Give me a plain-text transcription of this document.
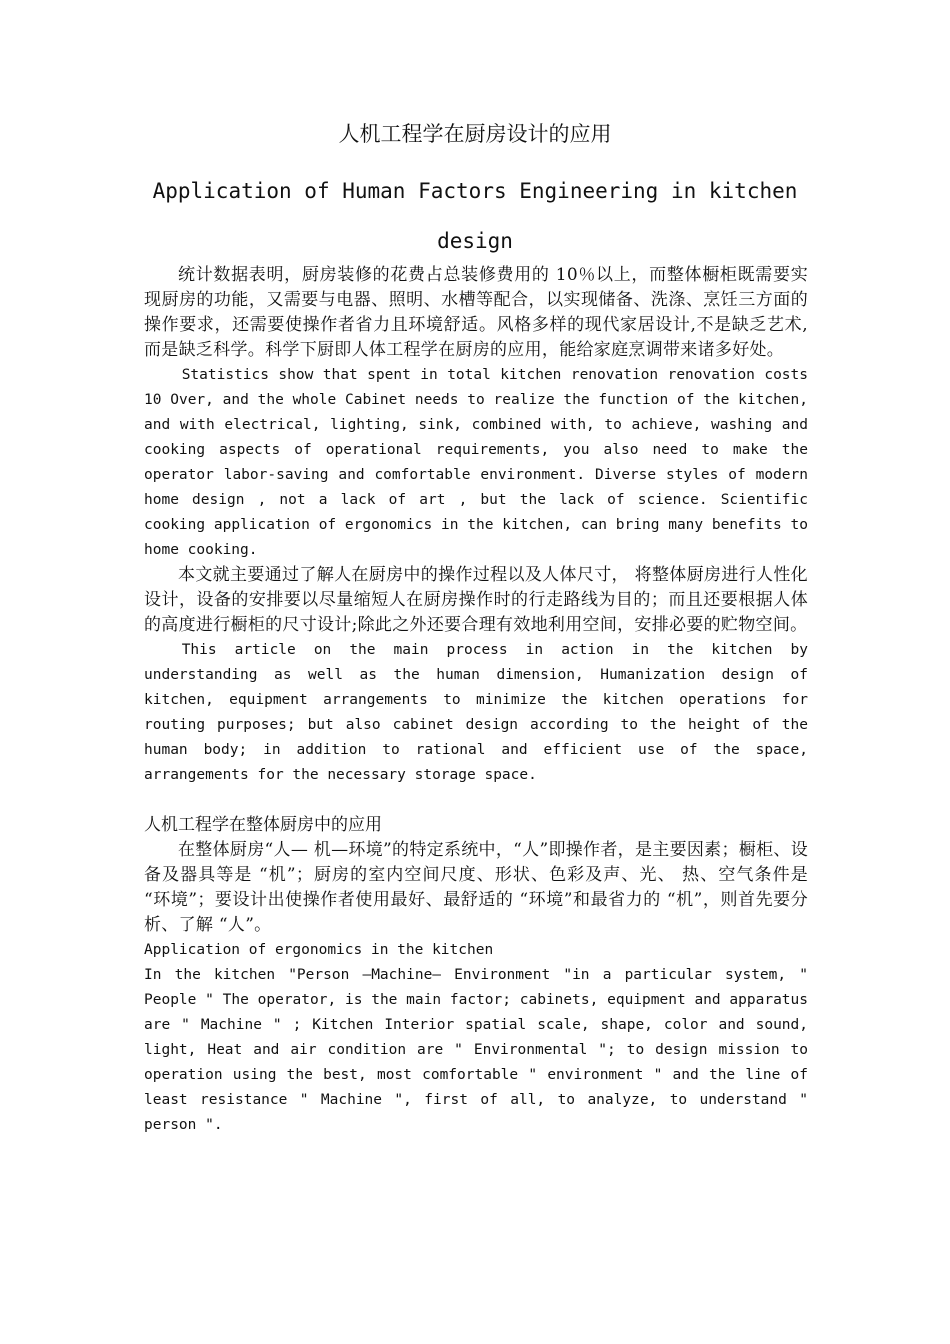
人机工程学在厨房设计的应用
Application of Human Factors Engineering in kitchen design

统计数据表明，厨房装修的花费占总装修费用的 10％以上，而整体橱柜既需要实现厨房的功能，又需要与电器、照明、水槽等配合，以实现储备、洗涤、烹饪三方面的操作要求，还需要使操作者省力且环境舒适。风格多样的现代家居设计,不是缺乏艺术,而是缺乏科学。科学下厨即人体工程学在厨房的应用，能给家庭烹调带来诸多好处。

Statistics show that spent in total kitchen renovation renovation costs 10 Over, and the whole Cabinet needs to realize the function of the kitchen, and with electrical, lighting, sink, combined with, to achieve, washing and cooking aspects of operational requirements, you also need to make the operator labor-saving and comfortable environment. Diverse styles of modern home design , not a lack of art , but the lack of science. Scientific cooking application of ergonomics in the kitchen, can bring many benefits to home cooking.

本文就主要通过了解人在厨房中的操作过程以及人体尺寸， 将整体厨房进行人性化设计，设备的安排要以尽量缩短人在厨房操作时的行走路线为目的；而且还要根据人体的高度进行橱柜的尺寸设计;除此之外还要合理有效地利用空间，安排必要的贮物空间。

This article on the main process in action in the kitchen by understanding as well as the human dimension, Humanization design of kitchen, equipment arrangements to minimize the kitchen operations for routing purposes; but also cabinet design according to the height of the human body; in addition to rational and efficient use of the space, arrangements for the necessary storage space.

人机工程学在整体厨房中的应用

在整体厨房“人— 机—环境”的特定系统中，“人”即操作者，是主要因素；橱柜、设备及器具等是 “机”；厨房的室内空间尺度、形状、色彩及声、光、 热、空气条件是 “环境”；要设计出使操作者使用最好、最舒适的 “环境”和最省力的 “机”，则首先要分析、了解 “人”。

Application of ergonomics in the kitchen

In the kitchen "Person —Machine— Environment "in a particular system, " People " The operator, is the main factor; cabinets, equipment and apparatus are " Machine " ; Kitchen Interior spatial scale, shape, color and sound, light, Heat and air condition are " Environmental "; to design mission to operation using the best, most comfortable " environment " and the line of least resistance " Machine ", first of all, to analyze, to understand " person ".
